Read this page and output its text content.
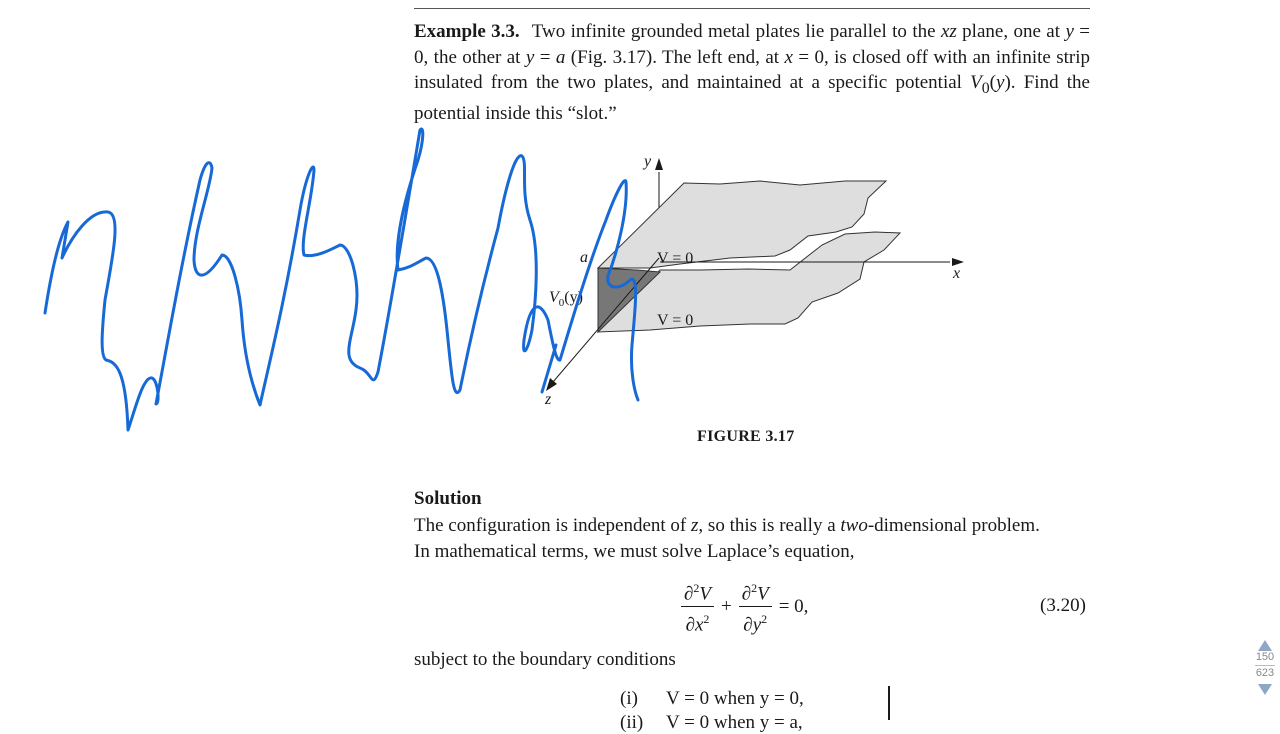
Example 3.3. Two infinite grounded metal plates lie parallel to the xz plane, one at y = 0, the other at y = a (Fig. 3.17). The left end, at x = 0, is closed off with an infinite strip insulated from the two plates, and maintained at a specific potential $V_0(y)$. Find the potential inside this “slot.”
y
x
z
a	V = 0
V = 0
$V_0(y)$
FIGURE 3.17
Solution
The configuration is independent of z, so this is really a two-dimensional problem.
In mathematical terms, we must solve Laplace’s equation,
$\frac{\partial^2V}{\partial x^2} + \frac{\partial^2V}{\partial y^2} = 0$,	(3.20)
subject to the boundary conditions
(i) V = 0 when y = 0,
(ii) V = 0 when y = a,
150
623
